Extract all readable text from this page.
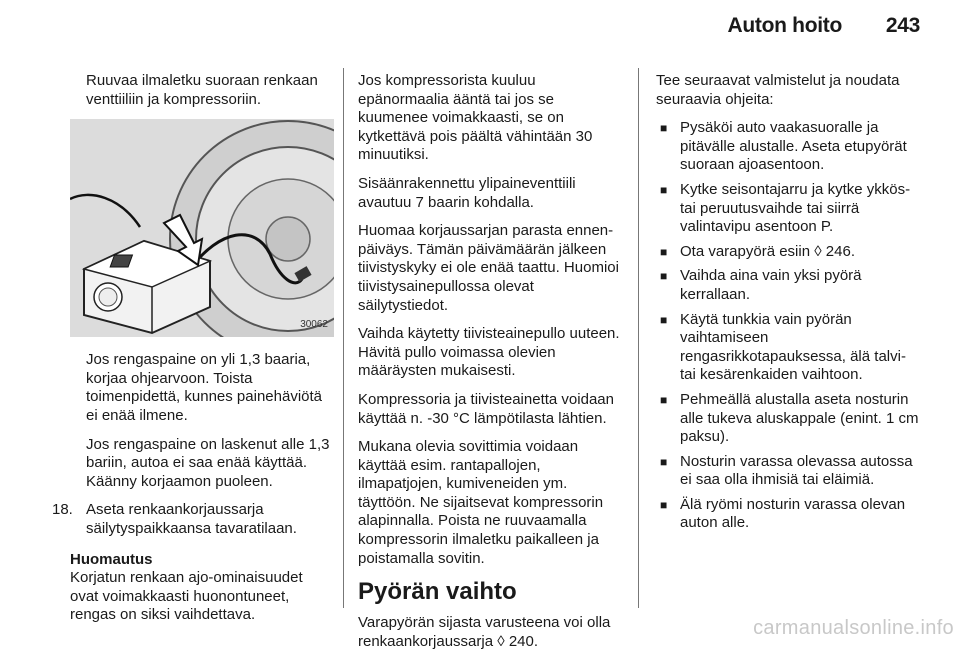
Auton hoito 243

Ruuvaa ilmaletku suoraan renkaan venttiiliin ja kompressoriin.

30062

Jos rengaspaine on yli 1,3 baaria, korjaa ohjearvoon. Toista toimenpidettä, kunnes painehäviötä ei enää ilmene.

Jos rengaspaine on laskenut alle 1,3 bariin, autoa ei saa enää käyttää. Käänny korjaamon puoleen.

18. Aseta renkaankorjaussarja säilytyspaikkaansa tavaratilaan.
Huomautus

Korjatun renkaan ajo-ominaisuudet ovat voimakkaasti huonontuneet, rengas on siksi vaihdettava.

Jos kompressorista kuuluu epänormaalia ääntä tai jos se kuumenee voimakkaasti, se on kytkettävä pois päältä vähintään 30 minuutiksi.

Sisäänrakennettu ylipaineventtiili avautuu 7 baarin kohdalla.

Huomaa korjaussarjan parasta ennen-päiväys. Tämän päivämäärän jälkeen tiivistyskyky ei ole enää taattu. Huomioi tiivistysainepullossa olevat säilytystiedot.

Vaihda käytetty tiivisteainepullo uuteen. Hävitä pullo voimassa olevien määräysten mukaisesti.

Kompressoria ja tiivisteainetta voidaan käyttää n. -30 °C lämpötilasta lähtien.

Mukana olevia sovittimia voidaan käyttää esim. rantapallojen, ilmapatjojen, kumiveneiden ym. täyttöön. Ne sijaitsevat kompressorin alapinnalla. Poista ne ruuvaamalla kompressorin ilmaletku paikalleen ja poistamalla sovitin.

Pyörän vaihto

Varapyörän sijasta varusteena voi olla renkaankorjaussarja ◊ 240.

Tee seuraavat valmistelut ja noudata seuraavia ohjeita:

■ Pysäköi auto vaakasuoralle ja pitävälle alustalle. Aseta etupyörät suoraan ajoasentoon.
■ Kytke seisontajarru ja kytke ykkös- tai peruutusvaihde tai siirrä valintavipu asentoon P.
■ Ota varapyörä esiin ◊ 246.
■ Vaihda aina vain yksi pyörä kerrallaan.
■ Käytä tunkkia vain pyörän vaihtamiseen rengasrikkotapauksessa, älä talvi- tai kesärenkaiden vaihtoon.
■ Pehmeällä alustalla aseta nosturin alle tukeva aluskappale (enint. 1 cm paksu).
■ Nosturin varassa olevassa autossa ei saa olla ihmisiä tai eläimiä.
■ Älä ryömi nosturin varassa olevan auton alle.
carmanualsonline.info
